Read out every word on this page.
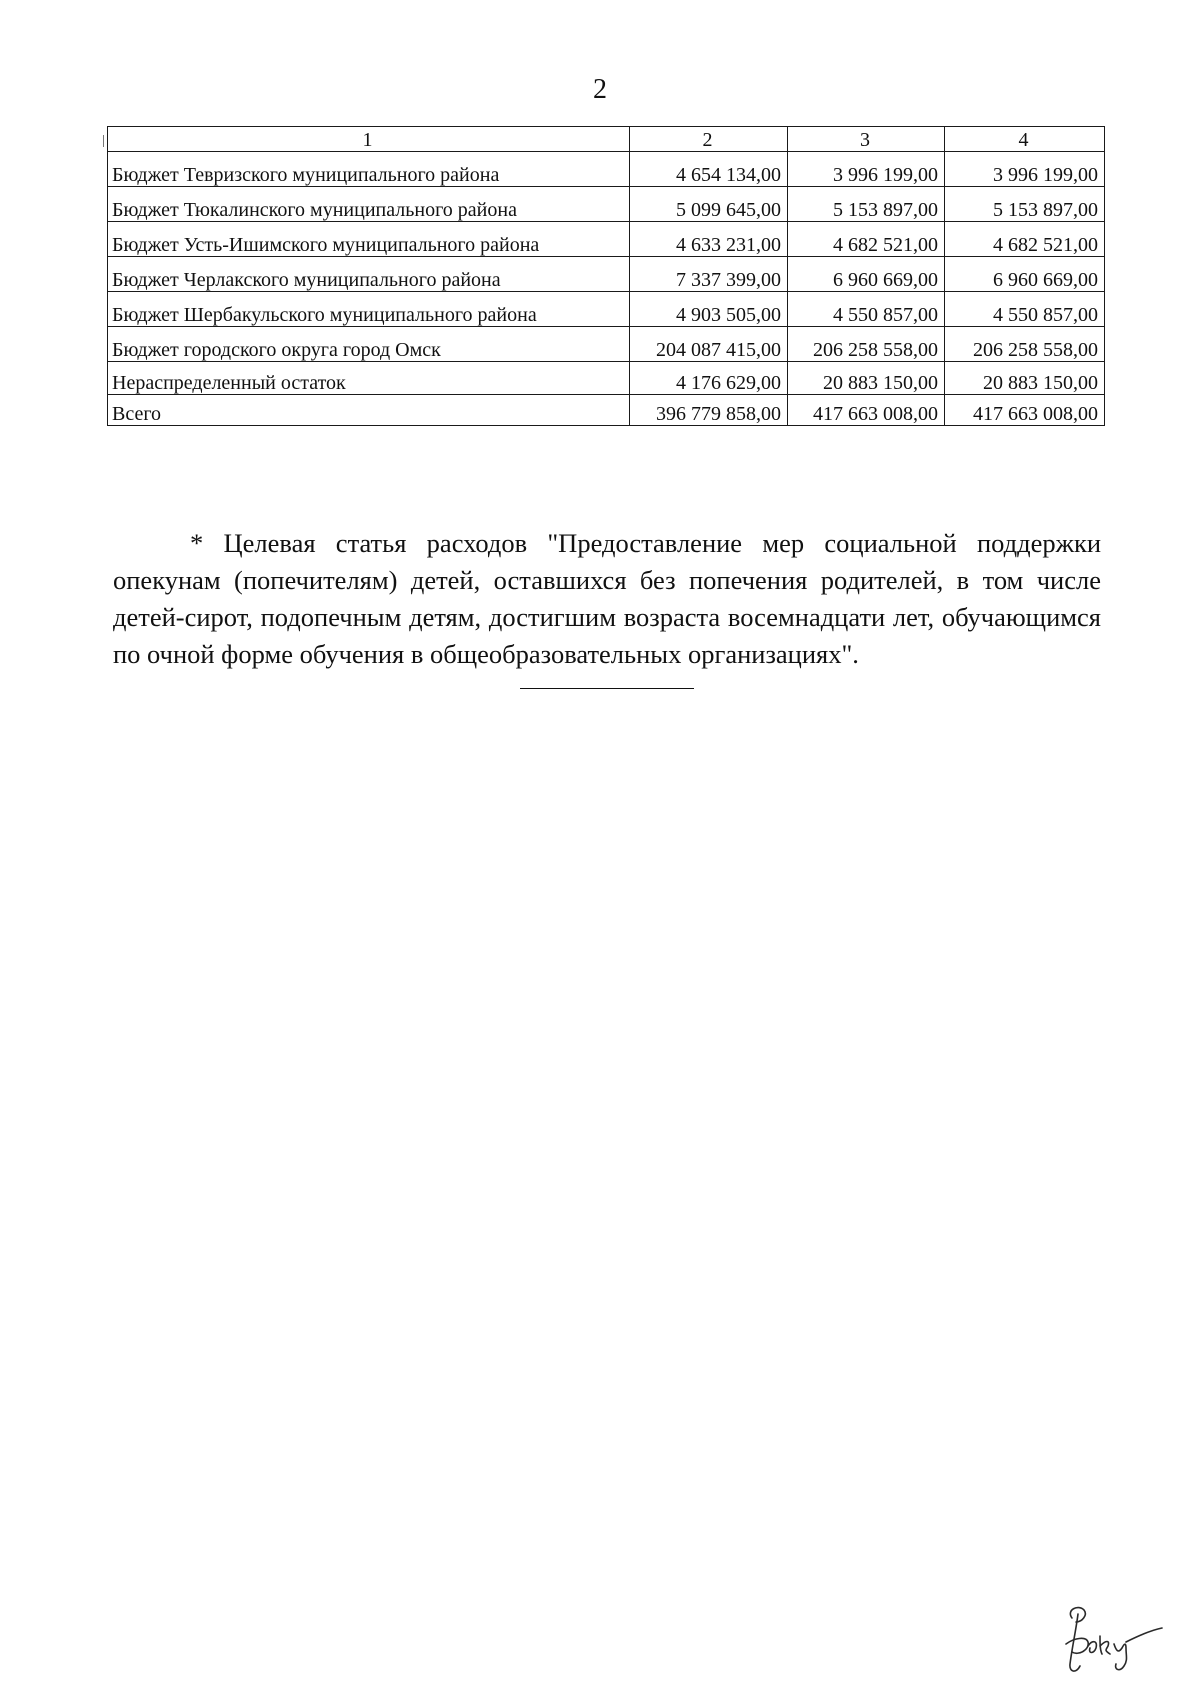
2
1	2	3	4
Бюджет Тевризского муниципального района	4 654 134,00	3 996 199,00	3 996 199,00
Бюджет Тюкалинского муниципального района	5 099 645,00	5 153 897,00	5 153 897,00
Бюджет Усть-Ишимского муниципального района	4 633 231,00	4 682 521,00	4 682 521,00
Бюджет Черлакского муниципального района	7 337 399,00	6 960 669,00	6 960 669,00
Бюджет Шербакульского муниципального района	4 903 505,00	4 550 857,00	4 550 857,00
Бюджет городского округа город Омск	204 087 415,00	206 258 558,00	206 258 558,00
Нераспределенный остаток	4 176 629,00	20 883 150,00	20 883 150,00
Всего	396 779 858,00	417 663 008,00	417 663 008,00

* Целевая статья расходов "Предоставление мер социальной поддержки опекунам (попечителям) детей, оставшихся без попечения родителей, в том числе детей-сирот, подопечным детям, достигшим возраста восемнадцати лет, обучающимся по очной форме обучения в общеобразовательных организациях".
